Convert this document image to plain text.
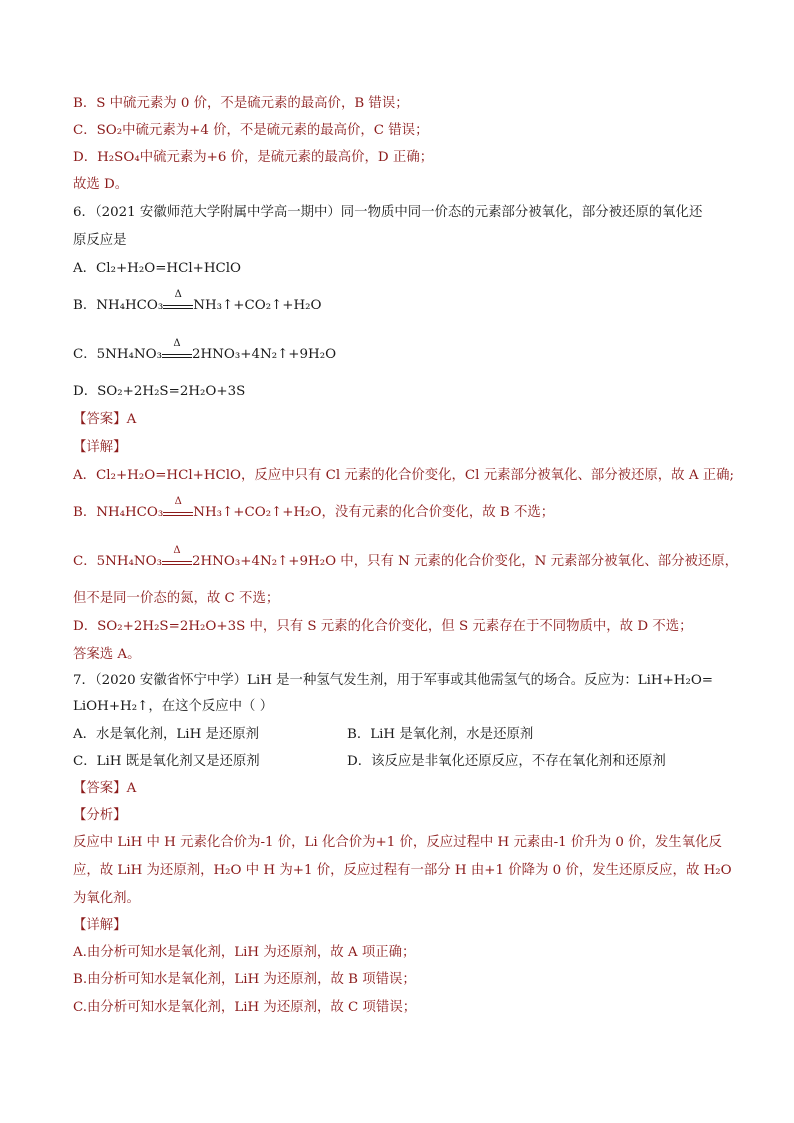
B．S 中硫元素为 0 价，不是硫元素的最高价，B 错误；
C．SO₂中硫元素为+4 价，不是硫元素的最高价，C 错误；
D．H₂SO₄中硫元素为+6 价，是硫元素的最高价，D 正确；
故选 D。
6．（2021 安徽师范大学附属中学高一期中）同一物质中同一价态的元素部分被氧化，部分被还原的氧化还
原反应是
A．Cl₂+H₂O=HCl+HClO
B．NH₄HCO₃
Δ
NH₃↑+CO₂↑+H₂O
C．5NH₄NO₃
Δ
2HNO₃+4N₂↑+9H₂O
D．SO₂+2H₂S=2H₂O+3S
【答案】A
【详解】
A．Cl₂+H₂O=HCl+HClO，反应中只有 Cl 元素的化合价变化，Cl 元素部分被氧化、部分被还原，故 A 正确;
B．NH₄HCO₃
Δ
NH₃↑+CO₂↑+H₂O，没有元素的化合价变化，故 B 不选；
C．5NH₄NO₃
Δ
2HNO₃+4N₂↑+9H₂O 中，只有 N 元素的化合价变化，N 元素部分被氧化、部分被还原，
但不是同一价态的氮，故 C 不选；
D．SO₂+2H₂S=2H₂O+3S 中，只有 S 元素的化合价变化，但 S 元素存在于不同物质中，故 D 不选；
答案选 A。
7．（2020 安徽省怀宁中学）LiH 是一种氢气发生剂，用于军事或其他需氢气的场合。反应为：LiH+H₂O=
LiOH+H₂↑，在这个反应中（ ）
A．水是氧化剂，LiH 是还原剂	B．LiH 是氧化剂，水是还原剂
C．LiH 既是氧化剂又是还原剂	D．该反应是非氧化还原反应，不存在氧化剂和还原剂
【答案】A
【分析】
反应中 LiH 中 H 元素化合价为-1 价，Li 化合价为+1 价，反应过程中 H 元素由-1 价升为 0 价，发生氧化反
应，故 LiH 为还原剂，H₂O 中 H 为+1 价，反应过程有一部分 H 由+1 价降为 0 价，发生还原反应，故 H₂O
为氧化剂。
【详解】
A.由分析可知水是氧化剂，LiH 为还原剂，故 A 项正确；
B.由分析可知水是氧化剂，LiH 为还原剂，故 B 项错误；
C.由分析可知水是氧化剂，LiH 为还原剂，故 C 项错误；
